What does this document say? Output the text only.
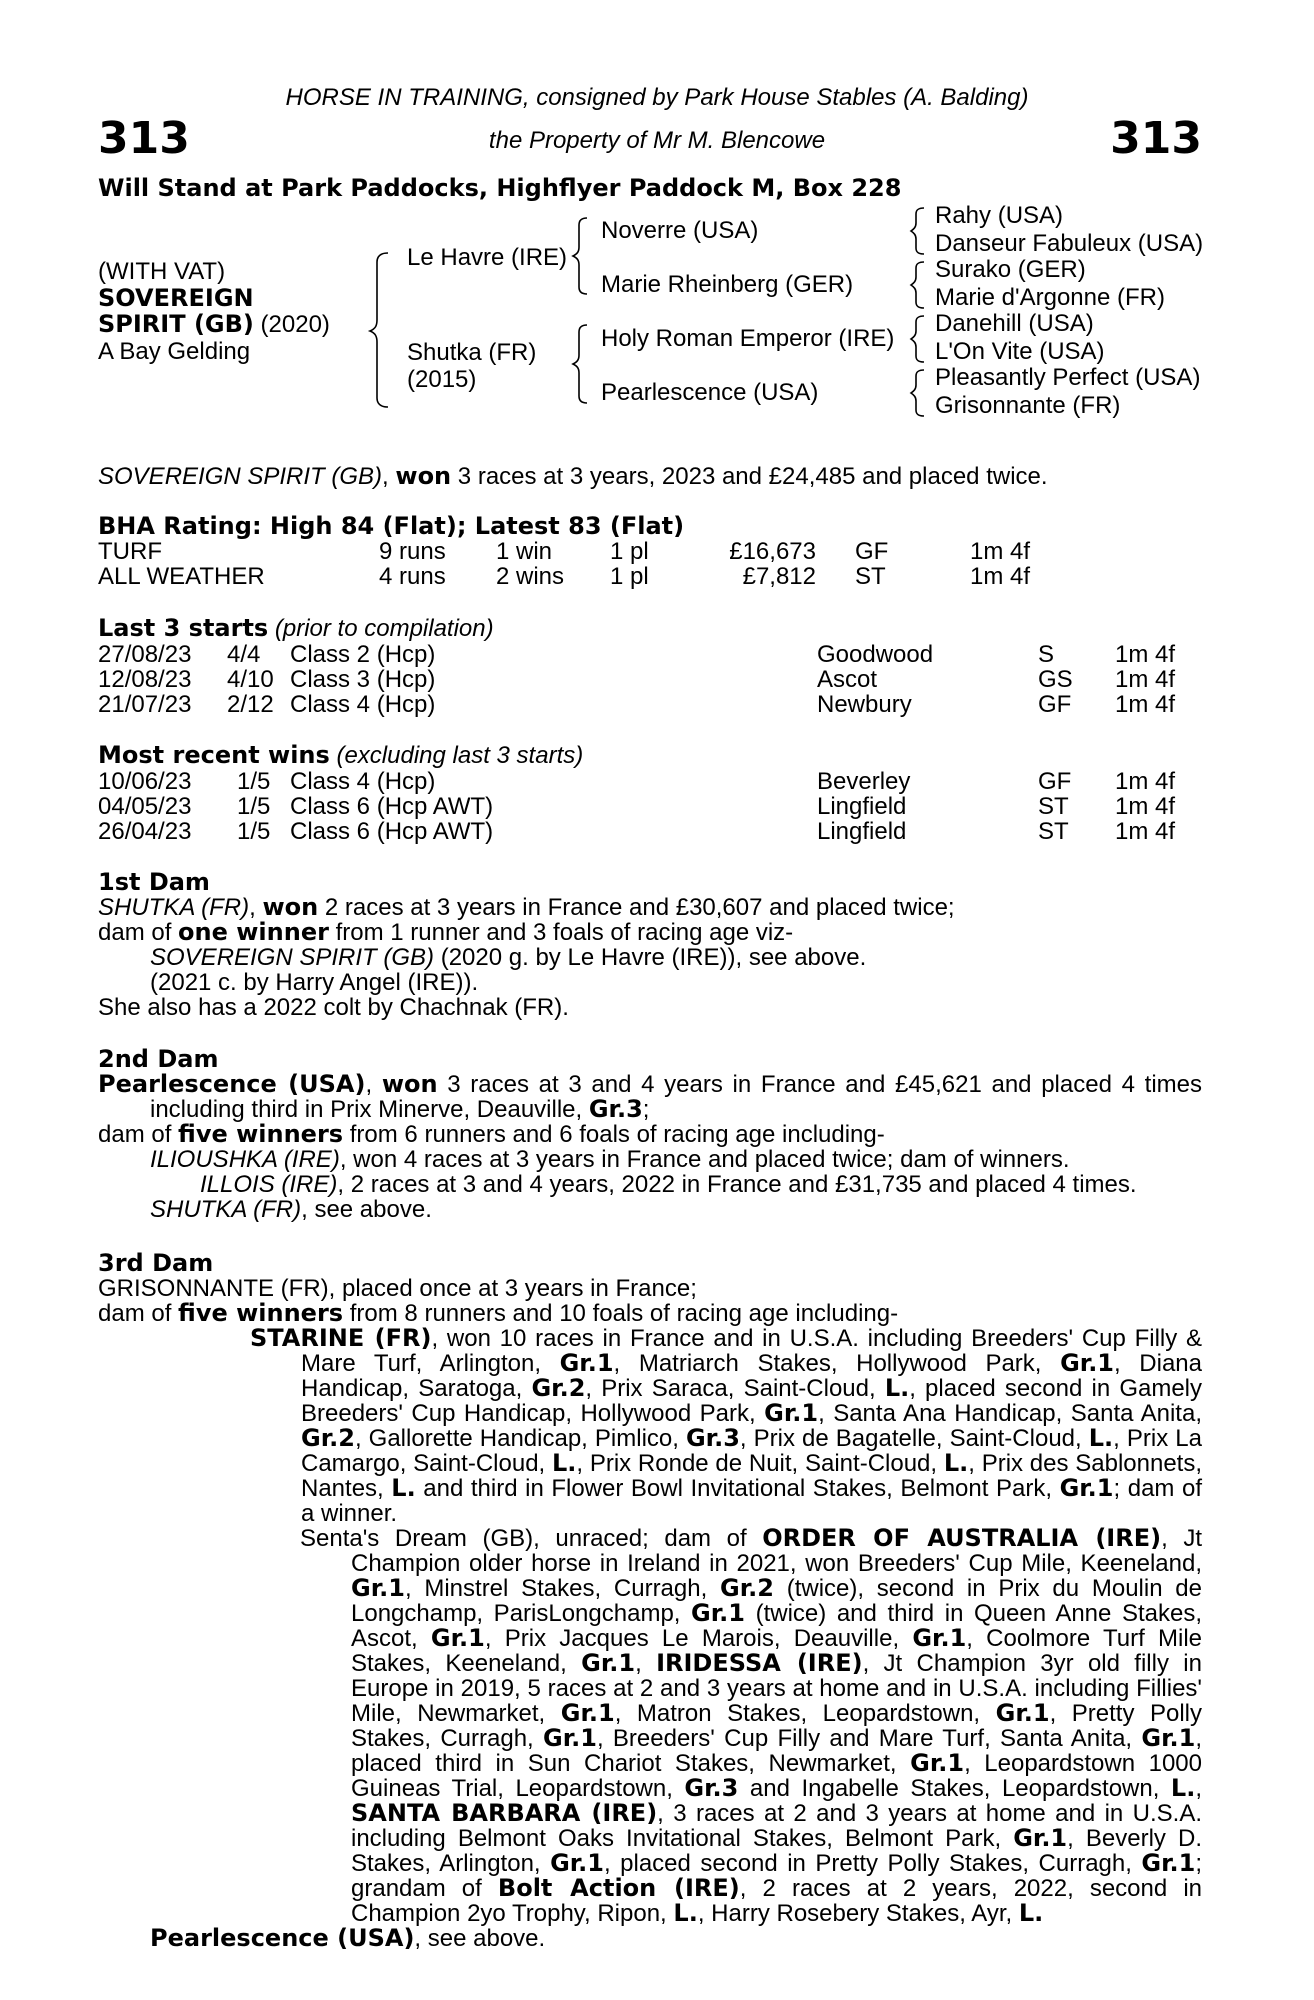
HORSE IN TRAINING, consigned by Park House Stables (A. Balding)
the Property of Mr M. Blencowe
313	313
Will Stand at Park Paddocks, Highflyer Paddock M, Box 228
(WITH VAT)
SOVEREIGN
SPIRIT (GB) (2020)
A Bay Gelding
Le Havre (IRE)
Shutka (FR)
(2015)
Noverre (USA)
Marie Rheinberg (GER)
Holy Roman Emperor (IRE)
Pearlescence (USA)
Rahy (USA)
Danseur Fabuleux (USA)
Surako (GER)
Marie d'Argonne (FR)
Danehill (USA)
L'On Vite (USA)
Pleasantly Perfect (USA)
Grisonnante (FR)
SOVEREIGN SPIRIT (GB), won 3 races at 3 years, 2023 and £24,485 and placed twice.
BHA Rating: High 84 (Flat); Latest 83 (Flat)
TURF	9 runs 1 win 1 pl	£16,673 GF	1m 4f
ALL WEATHER	4 runs 2 wins 1 pl	£7,812 ST	1m 4f
Last 3 starts (prior to compilation)
27/08/23 4/4 Class 2 (Hcp)	Goodwood	S	1m 4f
12/08/23 4/10 Class 3 (Hcp)	Ascot	GS 1m 4f
21/07/23 2/12 Class 4 (Hcp)	Newbury	GF 1m 4f
Most recent wins (excluding last 3 starts)
10/06/23 1/5 Class 4 (Hcp)	Beverley	GF 1m 4f
04/05/23 1/5 Class 6 (Hcp AWT)	Lingfield	ST 1m 4f
26/04/23 1/5 Class 6 (Hcp AWT)	Lingfield	ST 1m 4f

1st Dam

SHUTKA (FR), won 2 races at 3 years in France and £30,607 and placed twice;

dam of one winner from 1 runner and 3 foals of racing age viz-

SOVEREIGN SPIRIT (GB) (2020 g. by Le Havre (IRE)), see above.

(2021 c. by Harry Angel (IRE)).

She also has a 2022 colt by Chachnak (FR).

2nd Dam

Pearlescence (USA), won 3 races at 3 and 4 years in France and £45,621 and placed 4 times including third in Prix Minerve, Deauville, Gr.3;

dam of five winners from 6 runners and 6 foals of racing age including-

ILIOUSHKA (IRE), won 4 races at 3 years in France and placed twice; dam of winners.

ILLOIS (IRE), 2 races at 3 and 4 years, 2022 in France and £31,735 and placed 4 times.

SHUTKA (FR), see above.

3rd Dam

GRISONNANTE (FR), placed once at 3 years in France;

dam of five winners from 8 runners and 10 foals of racing age including-

STARINE (FR), won 10 races in France and in U.S.A. including Breeders' Cup Filly & Mare Turf, Arlington, Gr.1, Matriarch Stakes, Hollywood Park, Gr.1, Diana Handicap, Saratoga, Gr.2, Prix Saraca, Saint-Cloud, L., placed second in Gamely Breeders' Cup Handicap, Hollywood Park, Gr.1, Santa Ana Handicap, Santa Anita, Gr.2, Gallorette Handicap, Pimlico, Gr.3, Prix de Bagatelle, Saint-Cloud, L., Prix La Camargo, Saint-Cloud, L., Prix Ronde de Nuit, Saint-Cloud, L., Prix des Sablonnets, Nantes, L. and third in Flower Bowl Invitational Stakes, Belmont Park, Gr.1; dam of a winner.

Senta's Dream (GB), unraced; dam of ORDER OF AUSTRALIA (IRE), Jt Champion older horse in Ireland in 2021, won Breeders' Cup Mile, Keeneland, Gr.1, Minstrel Stakes, Curragh, Gr.2 (twice), second in Prix du Moulin de Longchamp, ParisLongchamp, Gr.1 (twice) and third in Queen Anne Stakes, Ascot, Gr.1, Prix Jacques Le Marois, Deauville, Gr.1, Coolmore Turf Mile Stakes, Keeneland, Gr.1, IRIDESSA (IRE), Jt Champion 3yr old filly in Europe in 2019, 5 races at 2 and 3 years at home and in U.S.A. including Fillies' Mile, Newmarket, Gr.1, Matron Stakes, Leopardstown, Gr.1, Pretty Polly Stakes, Curragh, Gr.1, Breeders' Cup Filly and Mare Turf, Santa Anita, Gr.1, placed third in Sun Chariot Stakes, Newmarket, Gr.1, Leopardstown 1000 Guineas Trial, Leopardstown, Gr.3 and Ingabelle Stakes, Leopardstown, L., SANTA BARBARA (IRE), 3 races at 2 and 3 years at home and in U.S.A. including Belmont Oaks Invitational Stakes, Belmont Park, Gr.1, Beverly D. Stakes, Arlington, Gr.1, placed second in Pretty Polly Stakes, Curragh, Gr.1; grandam of Bolt Action (IRE), 2 races at 2 years, 2022, second in Champion 2yo Trophy, Ripon, L., Harry Rosebery Stakes, Ayr, L.

Pearlescence (USA), see above.
